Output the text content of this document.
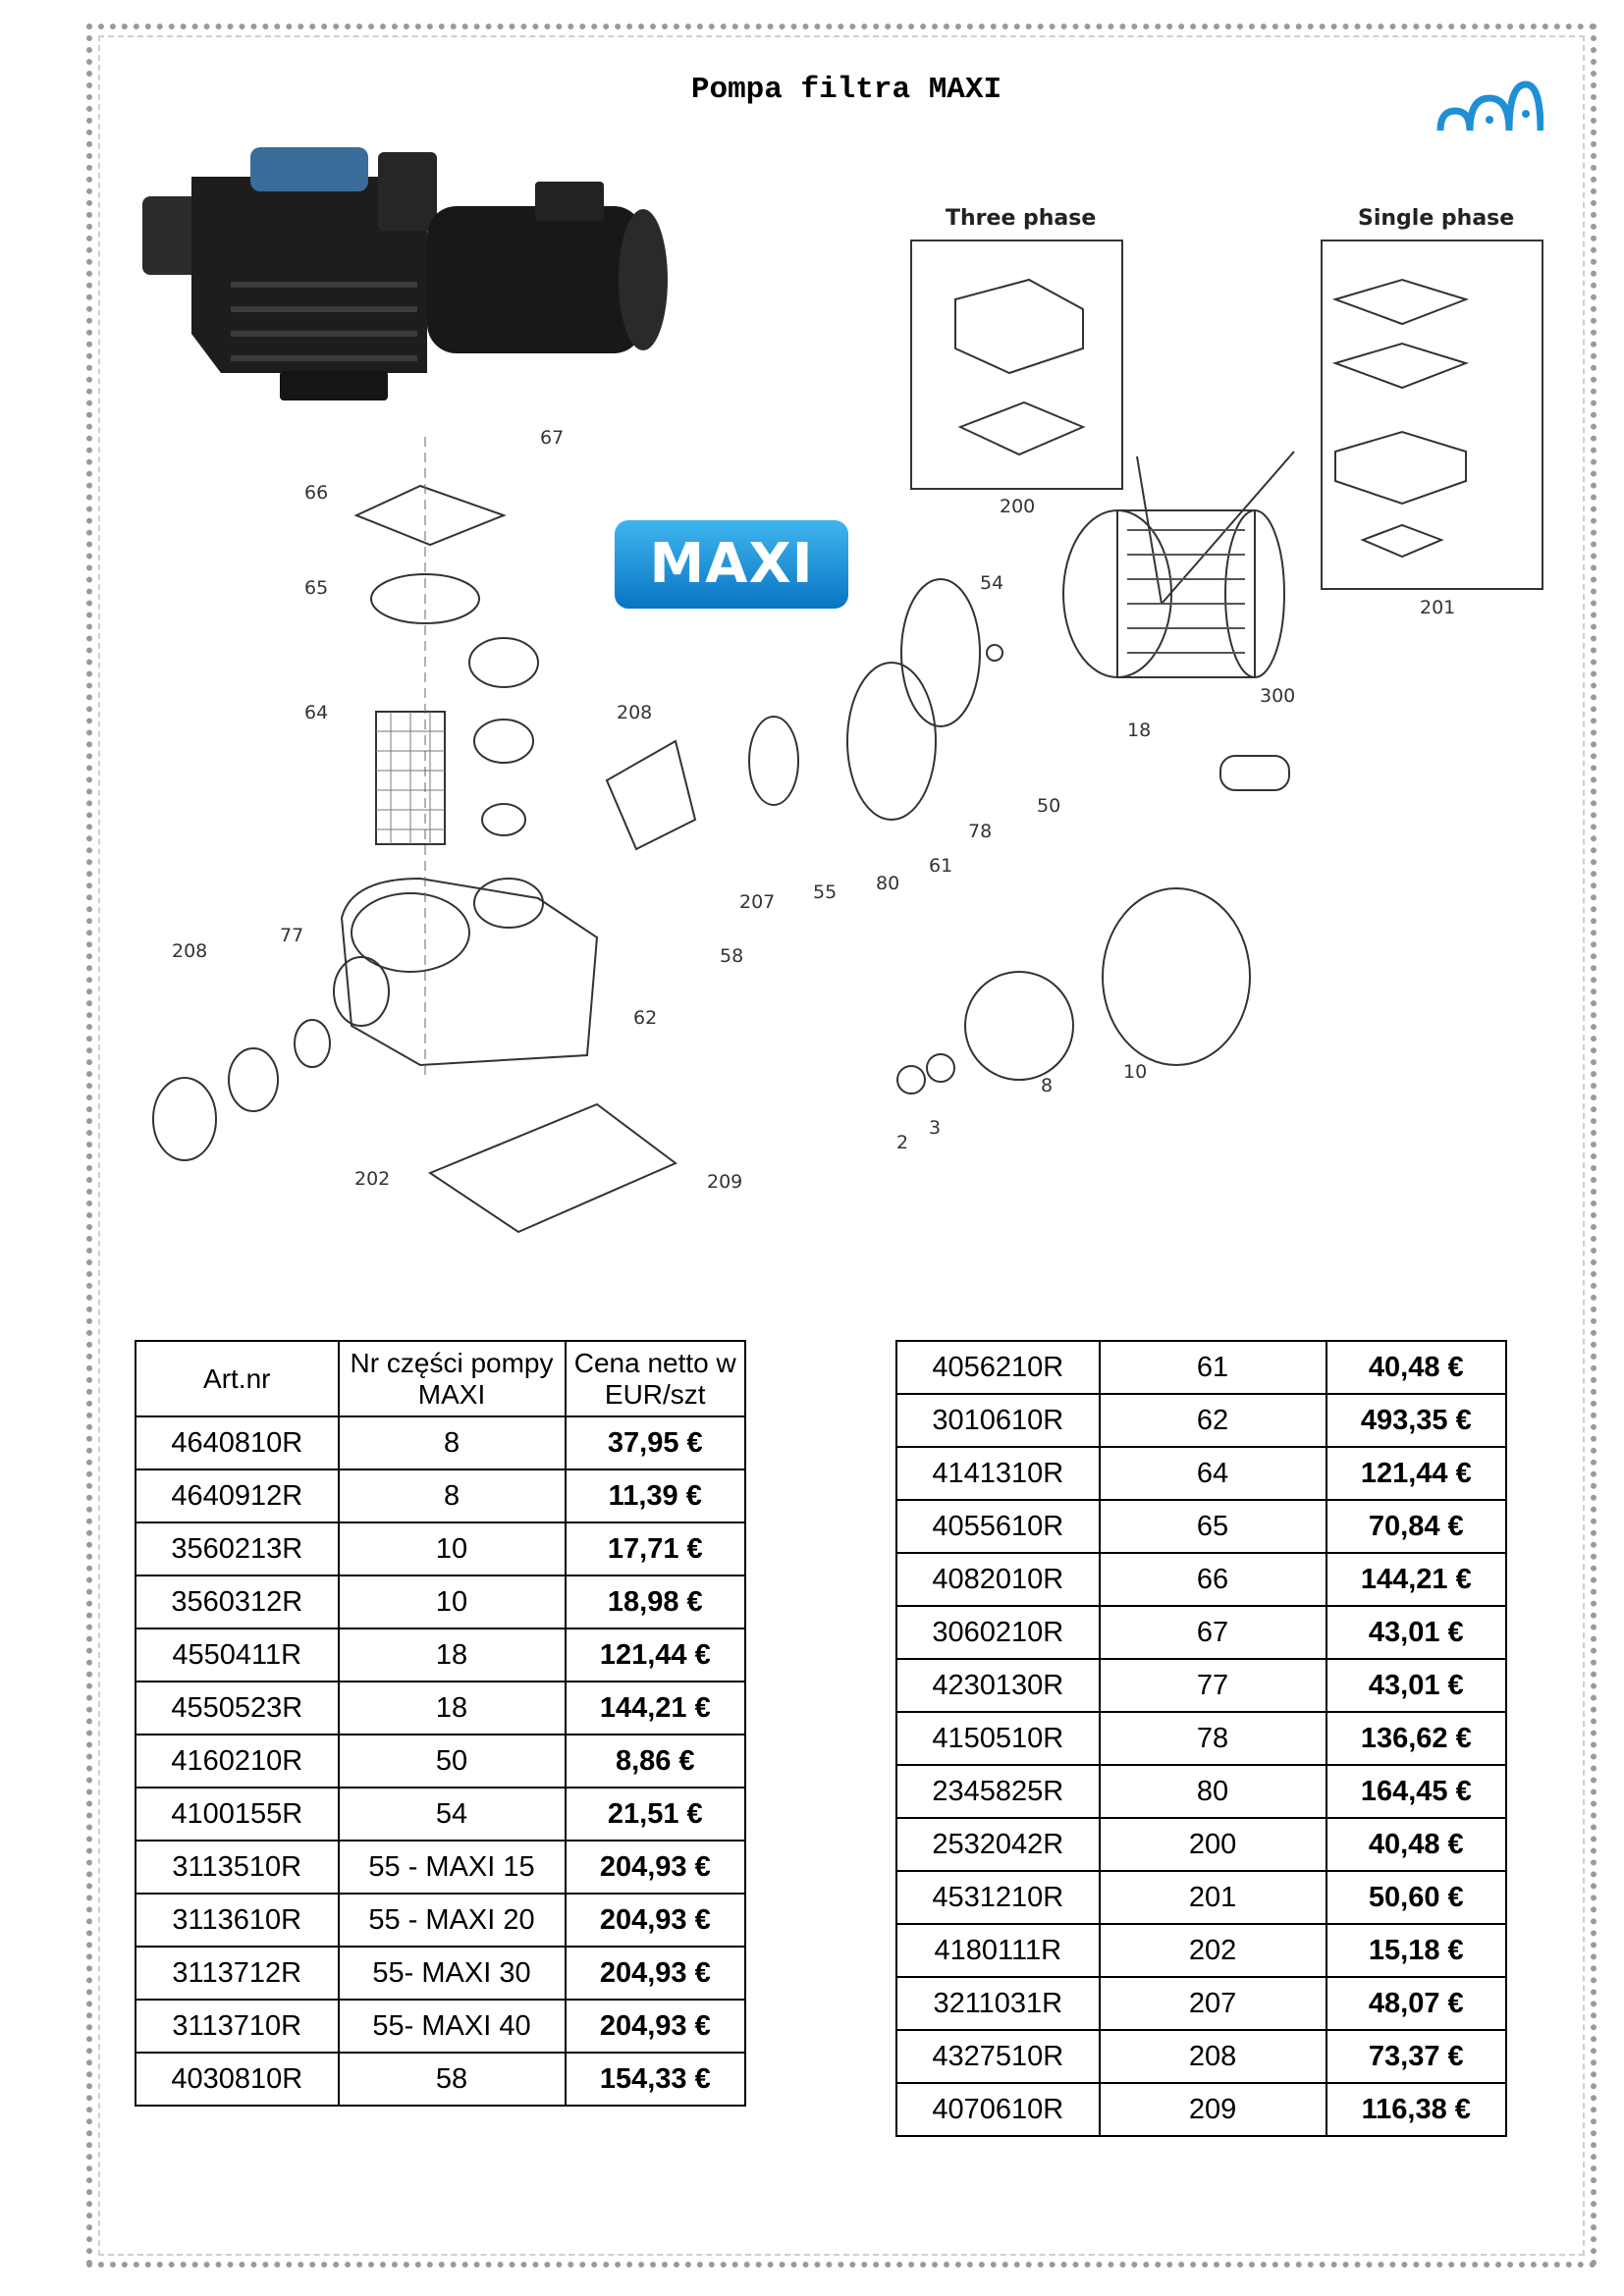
Pompa filtra MAXI
Three phase
200
Single phase
201
67
66
65
64	208
77
208
202	209
62
58
207 55 80
61
78
50
54
300
18
8
10
2
3
MAXI
Art.nr	Nr części pompy MAXI	Cena netto w EUR/szt
4640810R	8	37,95 €
4640912R	8	11,39 €
3560213R	10	17,71 €
3560312R	10	18,98 €
4550411R	18	121,44 €
4550523R	18	144,21 €
4160210R	50	8,86 €
4100155R	54	21,51 €
3113510R	55 - MAXI 15	204,93 €
3113610R	55 - MAXI 20	204,93 €
3113712R	55- MAXI 30	204,93 €
3113710R	55- MAXI 40	204,93 €
4030810R	58	154,33 €
4056210R	61	40,48 €
3010610R	62	493,35 €
4141310R	64	121,44 €
4055610R	65	70,84 €
4082010R	66	144,21 €
3060210R	67	43,01 €
4230130R	77	43,01 €
4150510R	78	136,62 €
2345825R	80	164,45 €
2532042R	200	40,48 €
4531210R	201	50,60 €
4180111R	202	15,18 €
3211031R	207	48,07 €
4327510R	208	73,37 €
4070610R	209	116,38 €
